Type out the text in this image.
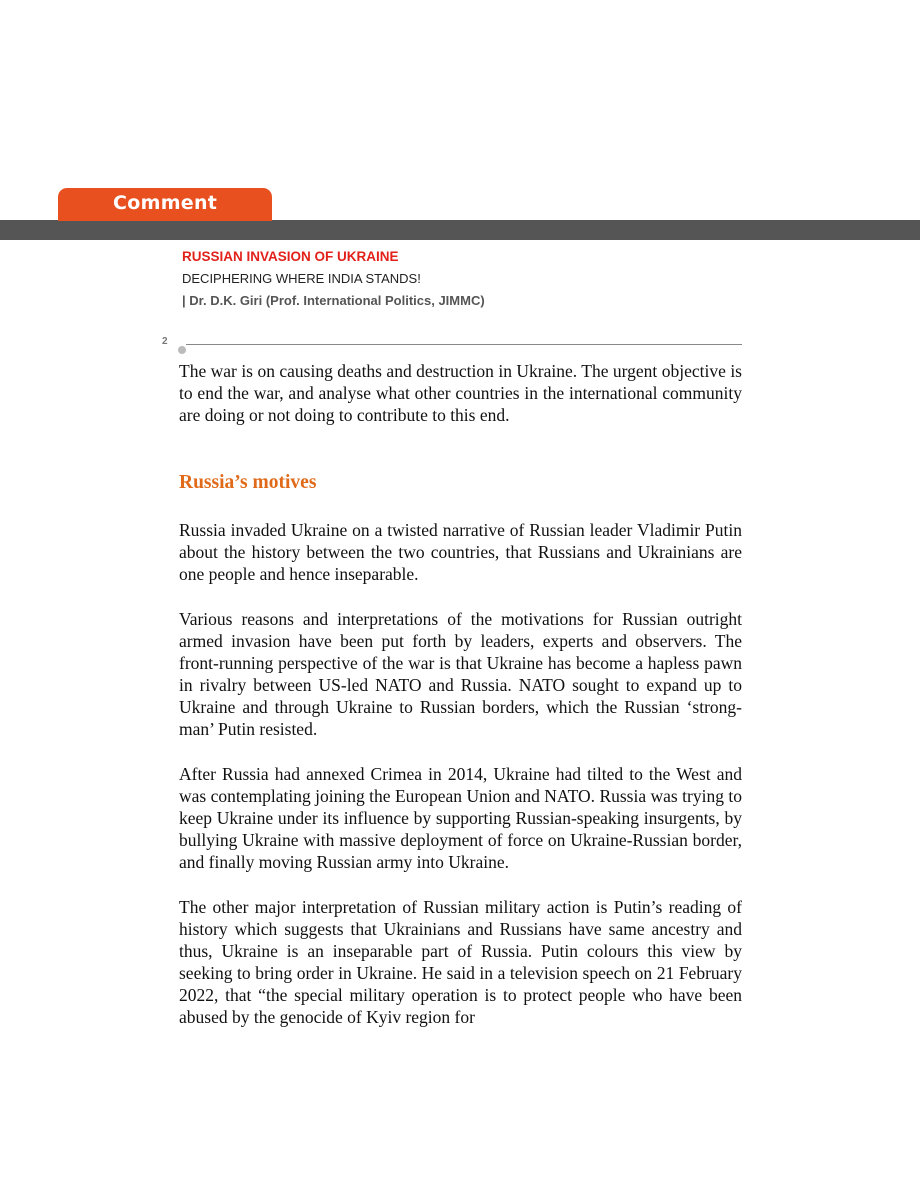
Comment
RUSSIAN INVASION OF UKRAINE
DECIPHERING WHERE INDIA STANDS!
| Dr. D.K. Giri (Prof. International Politics, JIMMC)
2

The war is on causing deaths and destruction in Ukraine. The urgent objective is to end the war, and analyse what other countries in the international community are doing or not doing to contribute to this end.

Russia’s motives

Russia invaded Ukraine on a twisted narrative of Russian leader Vladimir Putin about the history between the two countries, that Russians and Ukrainians are one people and hence inseparable.

Various reasons and interpretations of the motivations for Russian outright armed invasion have been put forth by leaders, experts and observers. The front-running perspective of the war is that Ukraine has become a hapless pawn in rivalry between US-led NATO and Russia. NATO sought to expand up to Ukraine and through Ukraine to Russian borders, which the Russian ‘strong-man’ Putin resisted.

After Russia had annexed Crimea in 2014, Ukraine had tilted to the West and was contemplating joining the European Union and NATO. Russia was trying to keep Ukraine under its influence by supporting Russian-speaking insurgents, by bullying Ukraine with massive deployment of force on Ukraine-Russian border, and finally moving Russian army into Ukraine.

The other major interpretation of Russian military action is Putin’s reading of history which suggests that Ukrainians and Russians have same ancestry and thus, Ukraine is an inseparable part of Russia. Putin colours this view by seeking to bring order in Ukraine. He said in a television speech on 21 February 2022, that “the special military operation is to protect people who have been abused by the genocide of Kyiv region for
